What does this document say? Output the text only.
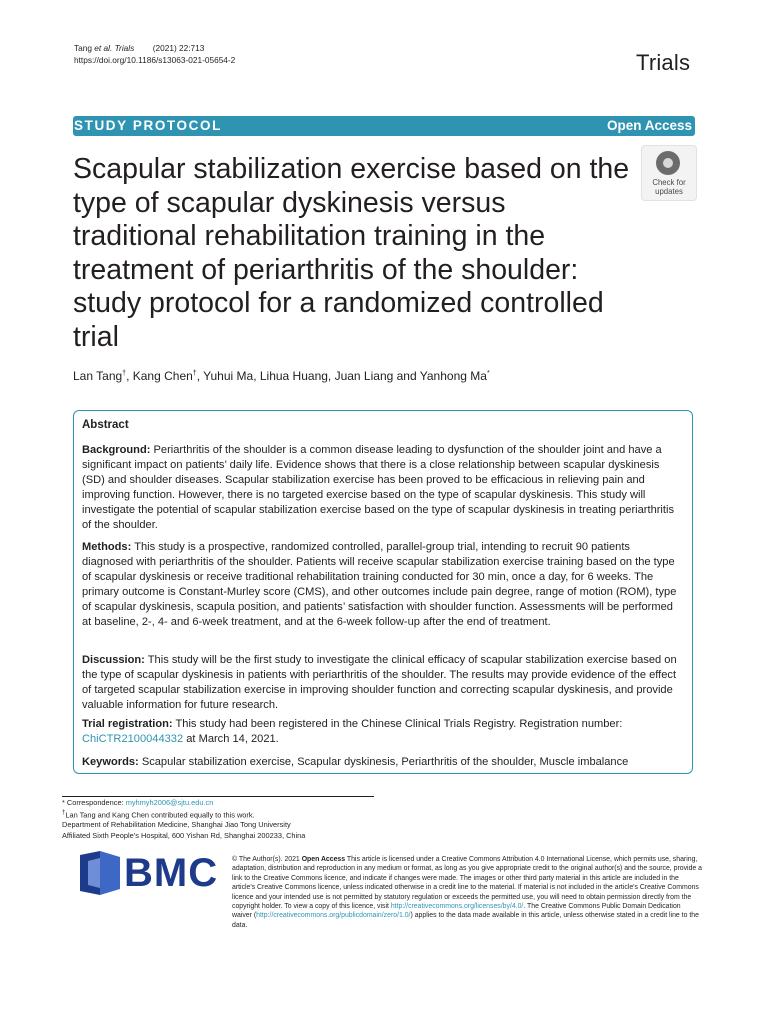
Tang et al. Trials (2021) 22:713
https://doi.org/10.1186/s13063-021-05654-2	Trials
STUDY PROTOCOL	Open Access
Scapular stabilization exercise based on the type of scapular dyskinesis versus traditional rehabilitation training in the treatment of periarthritis of the shoulder: study protocol for a randomized controlled trial
Check for
updates
Lan Tang†, Kang Chen†, Yuhui Ma, Lihua Huang, Juan Liang and Yanhong Ma*
Abstract

Background: Periarthritis of the shoulder is a common disease leading to dysfunction of the shoulder joint and have a significant impact on patients’ daily life. Evidence shows that there is a close relationship between scapular dyskinesis (SD) and shoulder diseases. Scapular stabilization exercise has been proved to be efficacious in relieving pain and improving function. However, there is no targeted exercise based on the type of scapular dyskinesis. This study will investigate the potential of scapular stabilization exercise based on the type of scapular dyskinesis in treating periarthritis of the shoulder.

Methods: This study is a prospective, randomized controlled, parallel-group trial, intending to recruit 90 patients diagnosed with periarthritis of the shoulder. Patients will receive scapular stabilization exercise training based on the type of scapular dyskinesis or receive traditional rehabilitation training conducted for 30 min, once a day, for 6 weeks. The primary outcome is Constant-Murley score (CMS), and other outcomes include pain degree, range of motion (ROM), type of scapular dyskinesis, scapula position, and patients’ satisfaction with shoulder function. Assessments will be performed at baseline, 2-, 4- and 6-week treatment, and at the 6-week follow-up after the end of treatment.

Discussion: This study will be the first study to investigate the clinical efficacy of scapular stabilization exercise based on the type of scapular dyskinesis in patients with periarthritis of the shoulder. The results may provide evidence of the effect of targeted scapular stabilization exercise in improving shoulder function and correcting scapular dyskinesis, and provide valuable information for future research.

Trial registration: This study had been registered in the Chinese Clinical Trials Registry. Registration number: ChiCTR2100044332 at March 14, 2021.

Keywords: Scapular stabilization exercise, Scapular dyskinesis, Periarthritis of the shoulder, Muscle imbalance

* Correspondence: myhmyh2006@sjtu.edu.cn
†Lan Tang and Kang Chen contributed equally to this work.
Department of Rehabilitation Medicine, Shanghai Jiao Tong University
Affiliated Sixth People’s Hospital, 600 Yishan Rd, Shanghai 200233, China
BMC © The Author(s). 2021 Open Access This article is licensed under a Creative Commons Attribution 4.0 International License, which permits use, sharing, adaptation, distribution and reproduction in any medium or format, as long as you give appropriate credit to the original author(s) and the source, provide a link to the Creative Commons licence, and indicate if changes were made. The images or other third party material in this article are included in the article's Creative Commons licence, unless indicated otherwise in a credit line to the material. If material is not included in the article's Creative Commons licence and your intended use is not permitted by statutory regulation or exceeds the permitted use, you will need to obtain permission directly from the copyright holder. To view a copy of this licence, visit http://creativecommons.org/licenses/by/4.0/. The Creative Commons Public Domain Dedication waiver (http://creativecommons.org/publicdomain/zero/1.0/) applies to the data made available in this article, unless otherwise stated in a credit line to the data.
